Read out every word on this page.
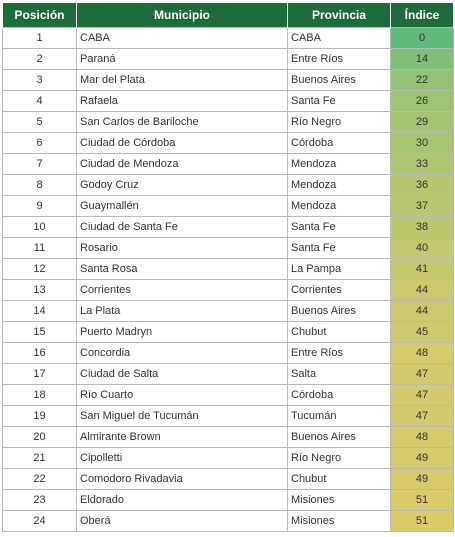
Posición	Municipio	Provincia	Índice
1	CABA	CABA	0
2	Paraná	Entre Ríos	14
3	Mar del Plata	Buenos Aires	22
4	Rafaela	Santa Fe	26
5	San Carlos de Bariloche	Río Negro	29
6	Ciudad de Córdoba	Córdoba	30
7	Ciudad de Mendoza	Mendoza	33
8	Godoy Cruz	Mendoza	36
9	Guaymallén	Mendoza	37
10	Ciudad de Santa Fe	Santa Fe	38
11	Rosario	Santa Fe	40
12	Santa Rosa	La Pampa	41
13	Corrientes	Corrientes	44
14	La Plata	Buenos Aires	44
15	Puerto Madryn	Chubut	45
16	Concordia	Entre Ríos	48
17	Ciudad de Salta	Salta	47
18	Río Cuarto	Córdoba	47
19	San Miguel de Tucumán	Tucumán	47
20	Almirante Brown	Buenos Aires	48
21	Cipolletti	Río Negro	49
22	Comodoro Rivadavia	Chubut	49
23	Eldorado	Misiones	51
24	Oberá	Misiones	51
